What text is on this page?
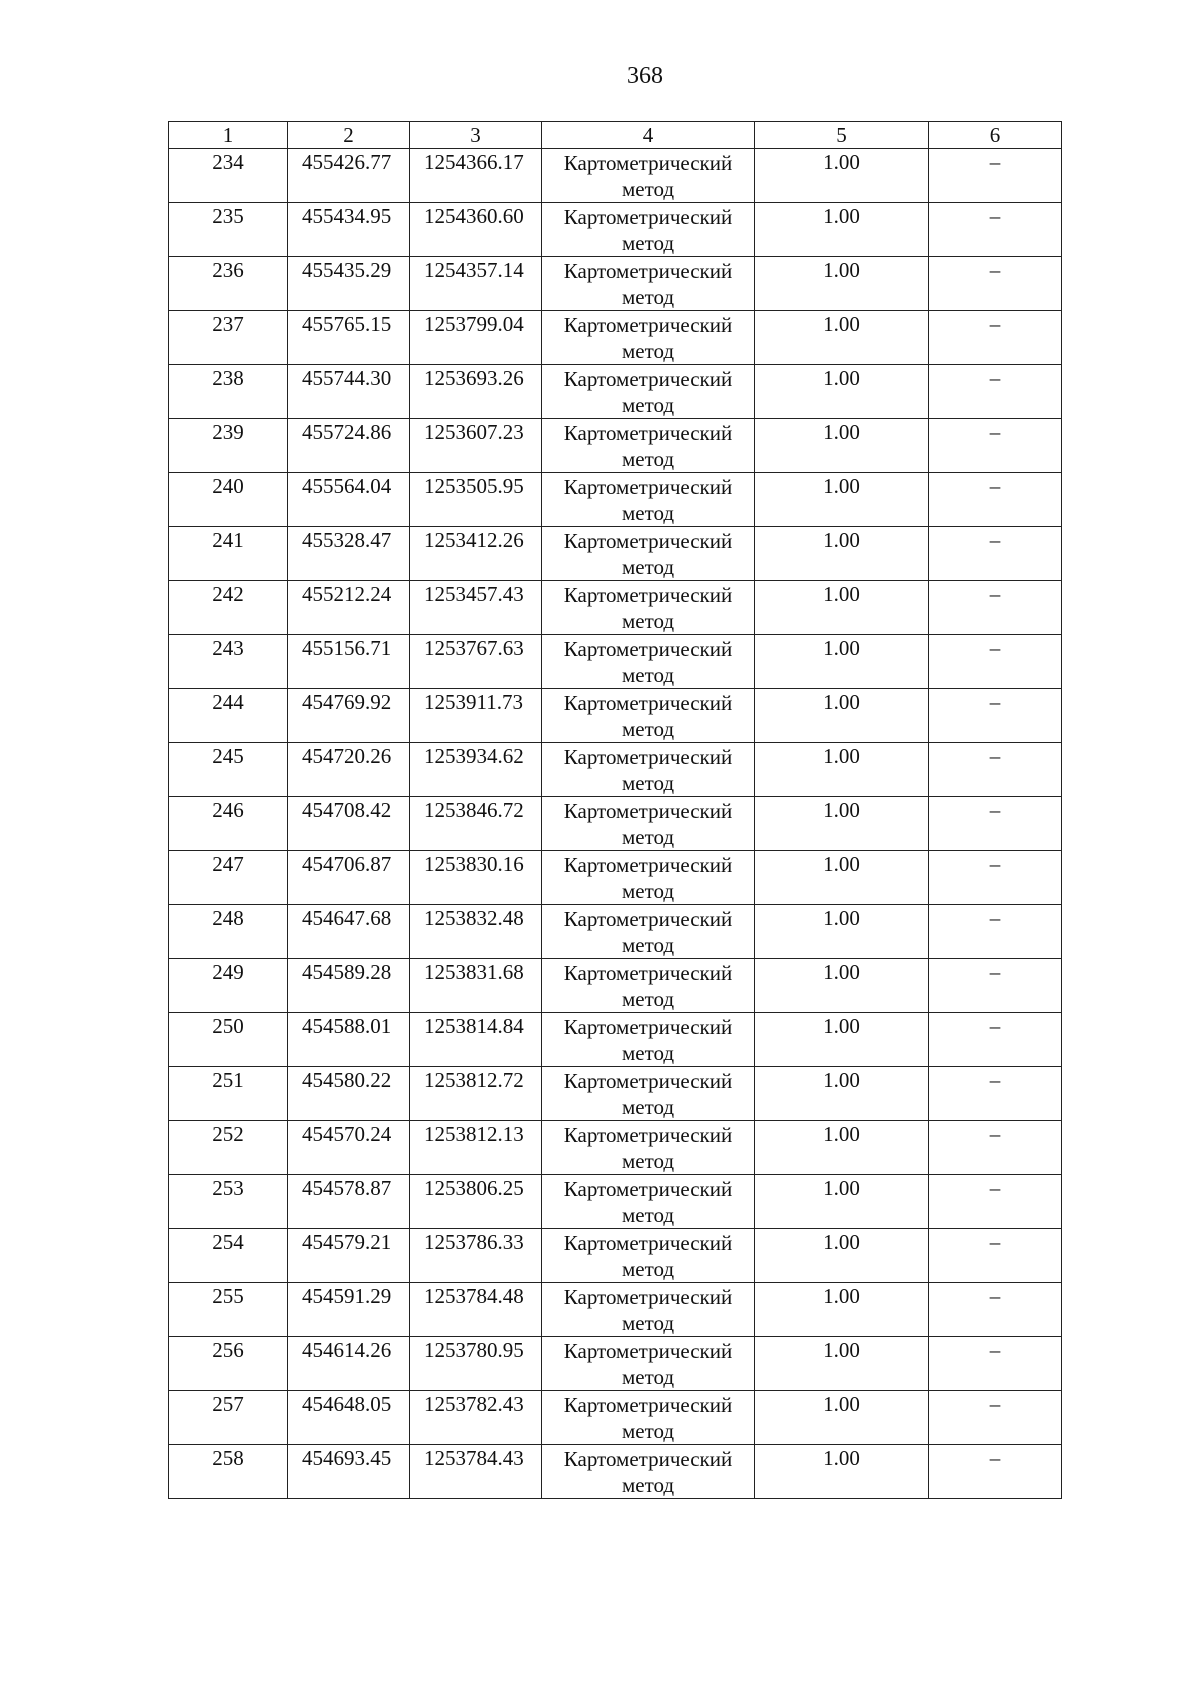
368
1	2	3	4	5	6
234	455426.77	1254366.17	Картометрический метод	1.00	–
235	455434.95	1254360.60	Картометрический метод	1.00	–
236	455435.29	1254357.14	Картометрический метод	1.00	–
237	455765.15	1253799.04	Картометрический метод	1.00	–
238	455744.30	1253693.26	Картометрический метод	1.00	–
239	455724.86	1253607.23	Картометрический метод	1.00	–
240	455564.04	1253505.95	Картометрический метод	1.00	–
241	455328.47	1253412.26	Картометрический метод	1.00	–
242	455212.24	1253457.43	Картометрический метод	1.00	–
243	455156.71	1253767.63	Картометрический метод	1.00	–
244	454769.92	1253911.73	Картометрический метод	1.00	–
245	454720.26	1253934.62	Картометрический метод	1.00	–
246	454708.42	1253846.72	Картометрический метод	1.00	–
247	454706.87	1253830.16	Картометрический метод	1.00	–
248	454647.68	1253832.48	Картометрический метод	1.00	–
249	454589.28	1253831.68	Картометрический метод	1.00	–
250	454588.01	1253814.84	Картометрический метод	1.00	–
251	454580.22	1253812.72	Картометрический метод	1.00	–
252	454570.24	1253812.13	Картометрический метод	1.00	–
253	454578.87	1253806.25	Картометрический метод	1.00	–
254	454579.21	1253786.33	Картометрический метод	1.00	–
255	454591.29	1253784.48	Картометрический метод	1.00	–
256	454614.26	1253780.95	Картометрический метод	1.00	–
257	454648.05	1253782.43	Картометрический метод	1.00	–
258	454693.45	1253784.43	Картометрический метод	1.00	–
